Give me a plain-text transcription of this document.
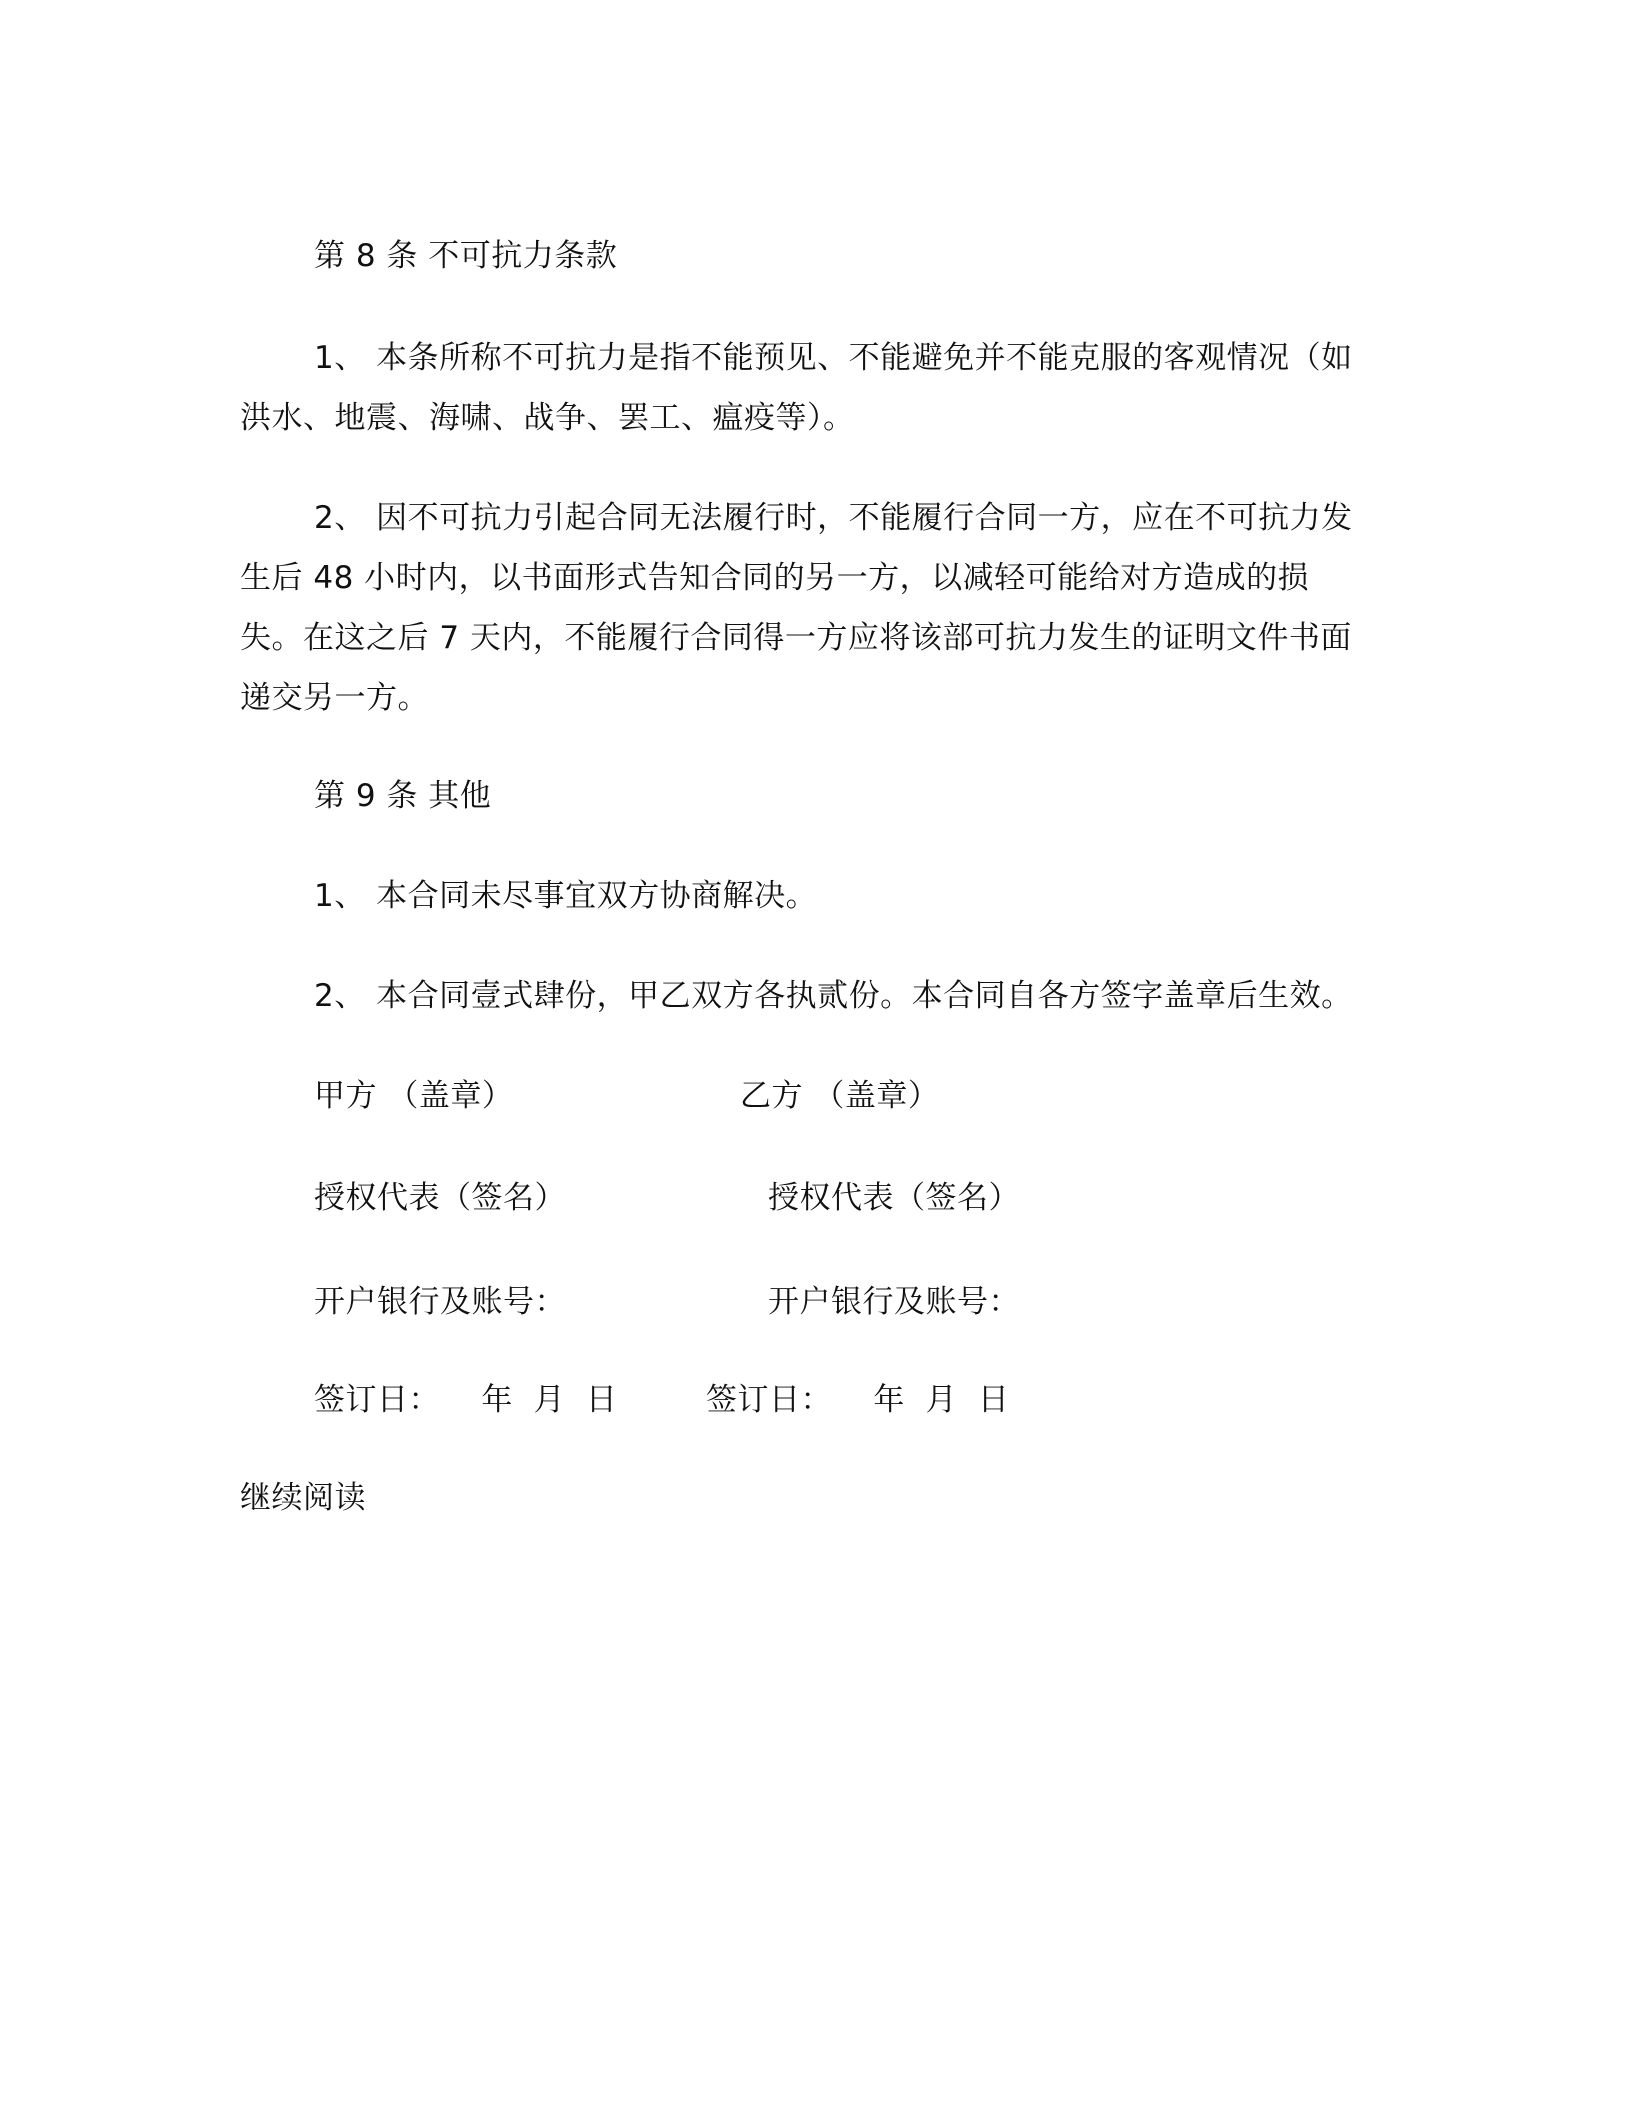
第 8 条 不可抗力条款
1、 本条所称不可抗力是指不能预见、不能避免并不能克服的客观情况（如洪水、地震、海啸、战争、罢工、瘟疫等）。
2、 因不可抗力引起合同无法履行时，不能履行合同一方，应在不可抗力发生后 48 小时内，以书面形式告知合同的另一方，以减轻可能给对方造成的损失。在这之后 7 天内，不能履行合同得一方应将该部可抗力发生的证明文件书面递交另一方。
第 9 条 其他
1、 本合同未尽事宜双方协商解决。
2、 本合同壹式肆份，甲乙双方各执贰份。本合同自各方签字盖章后生效。
甲方 （盖章）	乙方 （盖章）
授权代表（签名）	授权代表（签名）
开户银行及账号：	开户银行及账号：
签订日：    年  月  日	签订日：    年  月  日
继续阅读
